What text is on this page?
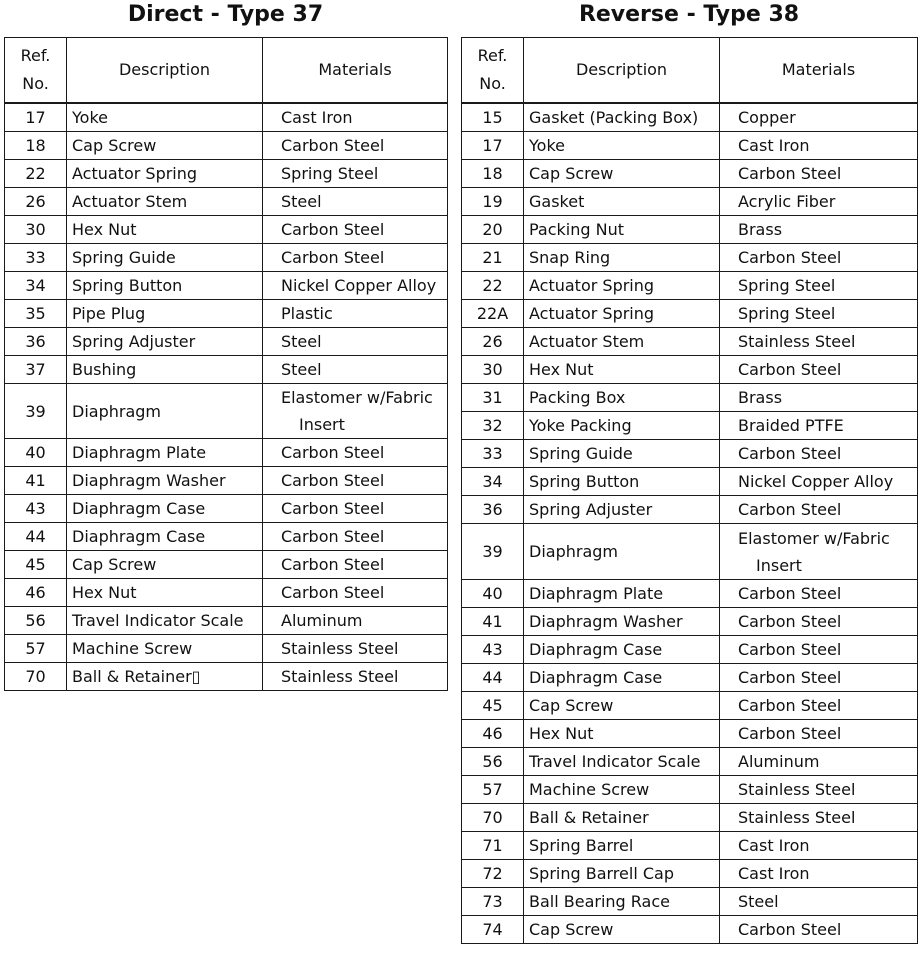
Direct - Type 37
Ref.
No.	Description	Materials
17	Yoke	Cast Iron
18	Cap Screw	Carbon Steel
22	Actuator Spring	Spring Steel
26	Actuator Stem	Steel
30	Hex Nut	Carbon Steel
33	Spring Guide	Carbon Steel
34	Spring Button	Nickel Copper Alloy
35	Pipe Plug	Plastic
36	Spring Adjuster	Steel
37	Bushing	Steel
39	Diaphragm	Elastomer w/Fabric
Insert

40	Diaphragm Plate	Carbon Steel
41	Diaphragm Washer	Carbon Steel
43	Diaphragm Case	Carbon Steel
44	Diaphragm Case	Carbon Steel
45	Cap Screw	Carbon Steel
46	Hex Nut	Carbon Steel
56	Travel Indicator Scale	Aluminum
57	Machine Screw	Stainless Steel
70	Ball & Retainer▯	Stainless Steel
Reverse - Type 38
Ref.
No.	Description	Materials
15	Gasket (Packing Box)	Copper
17	Yoke	Cast Iron
18	Cap Screw	Carbon Steel
19	Gasket	Acrylic Fiber
20	Packing Nut	Brass
21	Snap Ring	Carbon Steel
22	Actuator Spring	Spring Steel
22A	Actuator Spring	Spring Steel
26	Actuator Stem	Stainless Steel
30	Hex Nut	Carbon Steel
31	Packing Box	Brass
32	Yoke Packing	Braided PTFE
33	Spring Guide	Carbon Steel
34	Spring Button	Nickel Copper Alloy
36	Spring Adjuster	Carbon Steel
39	Diaphragm	Elastomer w/Fabric
Insert

40	Diaphragm Plate	Carbon Steel
41	Diaphragm Washer	Carbon Steel
43	Diaphragm Case	Carbon Steel
44	Diaphragm Case	Carbon Steel
45	Cap Screw	Carbon Steel
46	Hex Nut	Carbon Steel
56	Travel Indicator Scale	Aluminum
57	Machine Screw	Stainless Steel
70	Ball & Retainer	Stainless Steel
71	Spring Barrel	Cast Iron
72	Spring Barrell Cap	Cast Iron
73	Ball Bearing Race	Steel
74	Cap Screw	Carbon Steel
